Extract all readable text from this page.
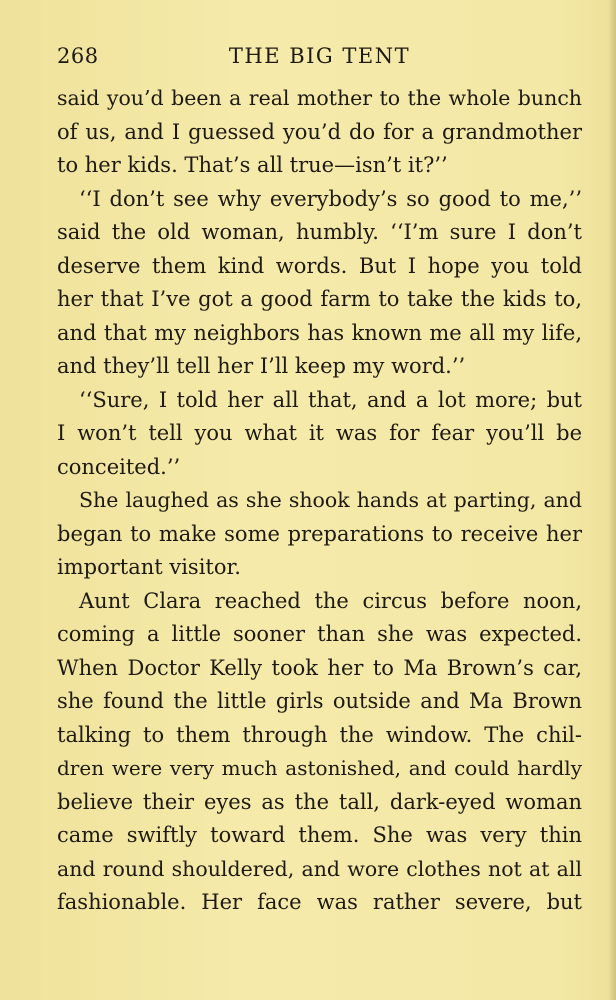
268	THE BIG TENT
said you’d been a real mother to the whole bunch
of us, and I guessed you’d do for a grandmother
to her kids. That’s all true—isn’t it?’’
‘‘I don’t see why everybody’s so good to me,’’
said the old woman, humbly. ‘‘I’m sure I don’t
deserve them kind words. But I hope you told
her that I’ve got a good farm to take the kids to,
and that my neighbors has known me all my life,
and they’ll tell her I’ll keep my word.’’
‘‘Sure, I told her all that, and a lot more; but
I won’t tell you what it was for fear you’ll be
conceited.’’
She laughed as she shook hands at parting, and
began to make some preparations to receive her
important visitor.
Aunt Clara reached the circus before noon,
coming a little sooner than she was expected.
When Doctor Kelly took her to Ma Brown’s car,
she found the little girls outside and Ma Brown
talking to them through the window. The chil-
dren were very much astonished, and could hardly
believe their eyes as the tall, dark-eyed woman
came swiftly toward them. She was very thin
and round shouldered, and wore clothes not at all
fashionable. Her face was rather severe, but
